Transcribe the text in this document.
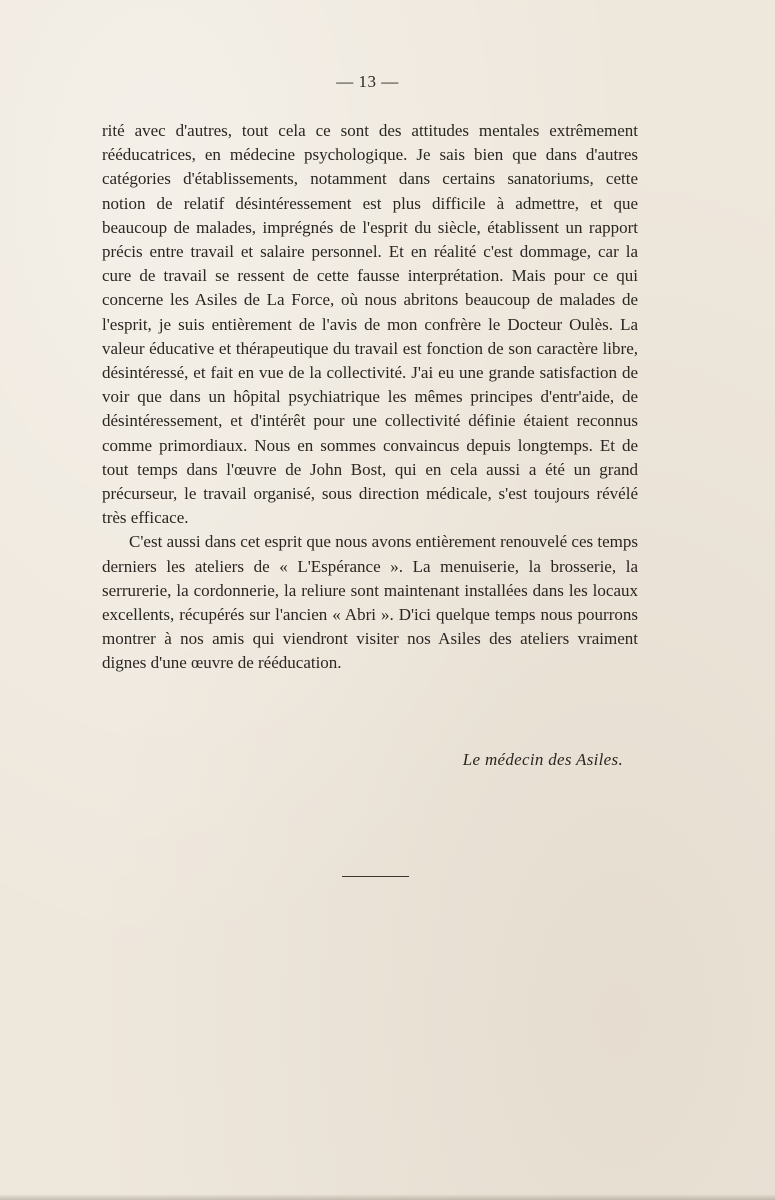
— 13 —

rité avec d'autres, tout cela ce sont des attitudes mentales extrêmement rééducatrices, en médecine psychologique. Je sais bien que dans d'autres catégories d'établissements, notamment dans certains sanatoriums, cette notion de relatif désintéressement est plus difficile à admettre, et que beaucoup de malades, imprégnés de l'esprit du siècle, établissent un rapport précis entre travail et salaire personnel. Et en réalité c'est dommage, car la cure de travail se ressent de cette fausse interprétation. Mais pour ce qui concerne les Asiles de La Force, où nous abritons beaucoup de malades de l'esprit, je suis entièrement de l'avis de mon confrère le Docteur Oulès. La valeur éducative et thérapeutique du travail est fonction de son caractère libre, désintéressé, et fait en vue de la collectivité. J'ai eu une grande satisfaction de voir que dans un hôpital psychiatrique les mêmes principes d'entr'aide, de désintéressement, et d'intérêt pour une collectivité définie étaient reconnus comme primordiaux. Nous en sommes convaincus depuis longtemps. Et de tout temps dans l'œuvre de John Bost, qui en cela aussi a été un grand précurseur, le travail organisé, sous direction médicale, s'est toujours révélé très efficace.

C'est aussi dans cet esprit que nous avons entièrement renouvelé ces temps derniers les ateliers de « L'Espérance ». La menuiserie, la brosserie, la serrurerie, la cordonnerie, la reliure sont maintenant installées dans les locaux excellents, récupérés sur l'ancien « Abri ». D'ici quelque temps nous pourrons montrer à nos amis qui viendront visiter nos Asiles des ateliers vraiment dignes d'une œuvre de rééducation.

Le médecin des Asiles.
